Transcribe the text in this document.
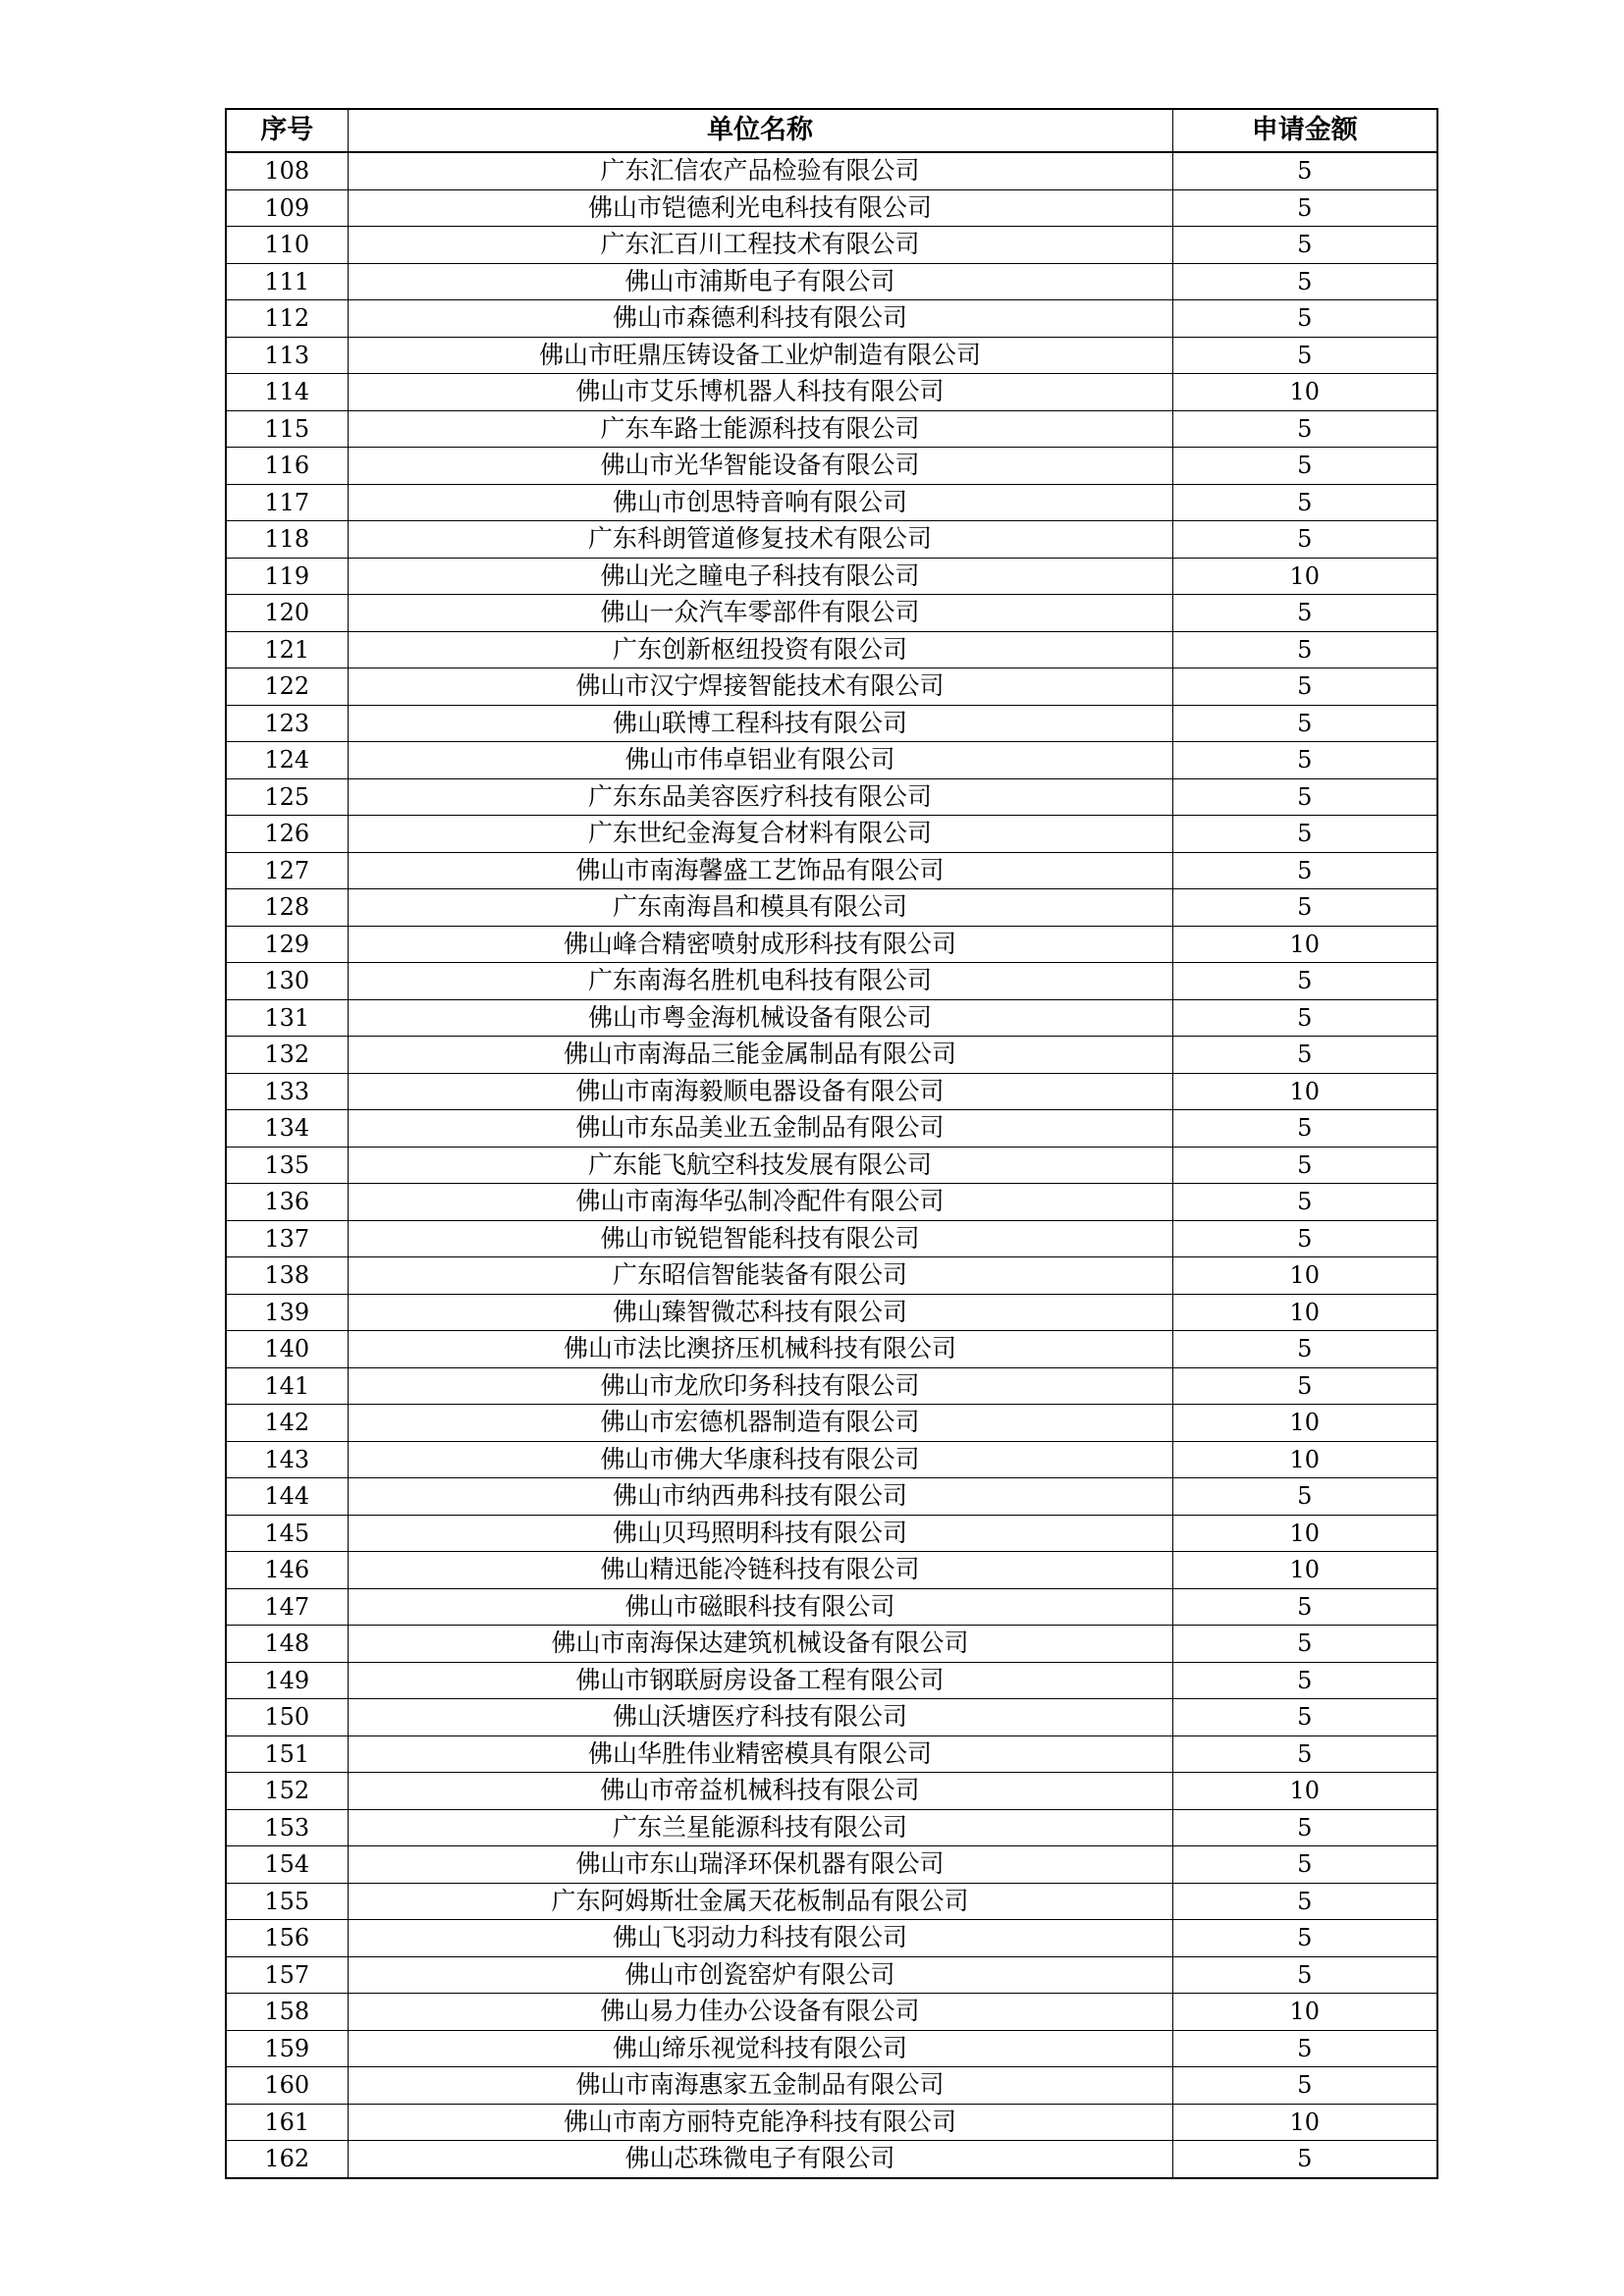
序号	单位名称	申请金额
108	广东汇信农产品检验有限公司	5
109	佛山市铠德利光电科技有限公司	5
110	广东汇百川工程技术有限公司	5
111	佛山市浦斯电子有限公司	5
112	佛山市森德利科技有限公司	5
113	佛山市旺鼎压铸设备工业炉制造有限公司	5
114	佛山市艾乐博机器人科技有限公司	10
115	广东车路士能源科技有限公司	5
116	佛山市光华智能设备有限公司	5
117	佛山市创思特音响有限公司	5
118	广东科朗管道修复技术有限公司	5
119	佛山光之瞳电子科技有限公司	10
120	佛山一众汽车零部件有限公司	5
121	广东创新枢纽投资有限公司	5
122	佛山市汉宁焊接智能技术有限公司	5
123	佛山联博工程科技有限公司	5
124	佛山市伟卓铝业有限公司	5
125	广东东品美容医疗科技有限公司	5
126	广东世纪金海复合材料有限公司	5
127	佛山市南海馨盛工艺饰品有限公司	5
128	广东南海昌和模具有限公司	5
129	佛山峰合精密喷射成形科技有限公司	10
130	广东南海名胜机电科技有限公司	5
131	佛山市粤金海机械设备有限公司	5
132	佛山市南海品三能金属制品有限公司	5
133	佛山市南海毅顺电器设备有限公司	10
134	佛山市东品美业五金制品有限公司	5
135	广东能飞航空科技发展有限公司	5
136	佛山市南海华弘制冷配件有限公司	5
137	佛山市锐铠智能科技有限公司	5
138	广东昭信智能装备有限公司	10
139	佛山臻智微芯科技有限公司	10
140	佛山市法比澳挤压机械科技有限公司	5
141	佛山市龙欣印务科技有限公司	5
142	佛山市宏德机器制造有限公司	10
143	佛山市佛大华康科技有限公司	10
144	佛山市纳西弗科技有限公司	5
145	佛山贝玛照明科技有限公司	10
146	佛山精迅能冷链科技有限公司	10
147	佛山市磁眼科技有限公司	5
148	佛山市南海保达建筑机械设备有限公司	5
149	佛山市钢联厨房设备工程有限公司	5
150	佛山沃塘医疗科技有限公司	5
151	佛山华胜伟业精密模具有限公司	5
152	佛山市帝益机械科技有限公司	10
153	广东兰星能源科技有限公司	5
154	佛山市东山瑞泽环保机器有限公司	5
155	广东阿姆斯壮金属天花板制品有限公司	5
156	佛山飞羽动力科技有限公司	5
157	佛山市创瓷窑炉有限公司	5
158	佛山易力佳办公设备有限公司	10
159	佛山缔乐视觉科技有限公司	5
160	佛山市南海惠家五金制品有限公司	5
161	佛山市南方丽特克能净科技有限公司	10
162	佛山芯珠微电子有限公司	5
